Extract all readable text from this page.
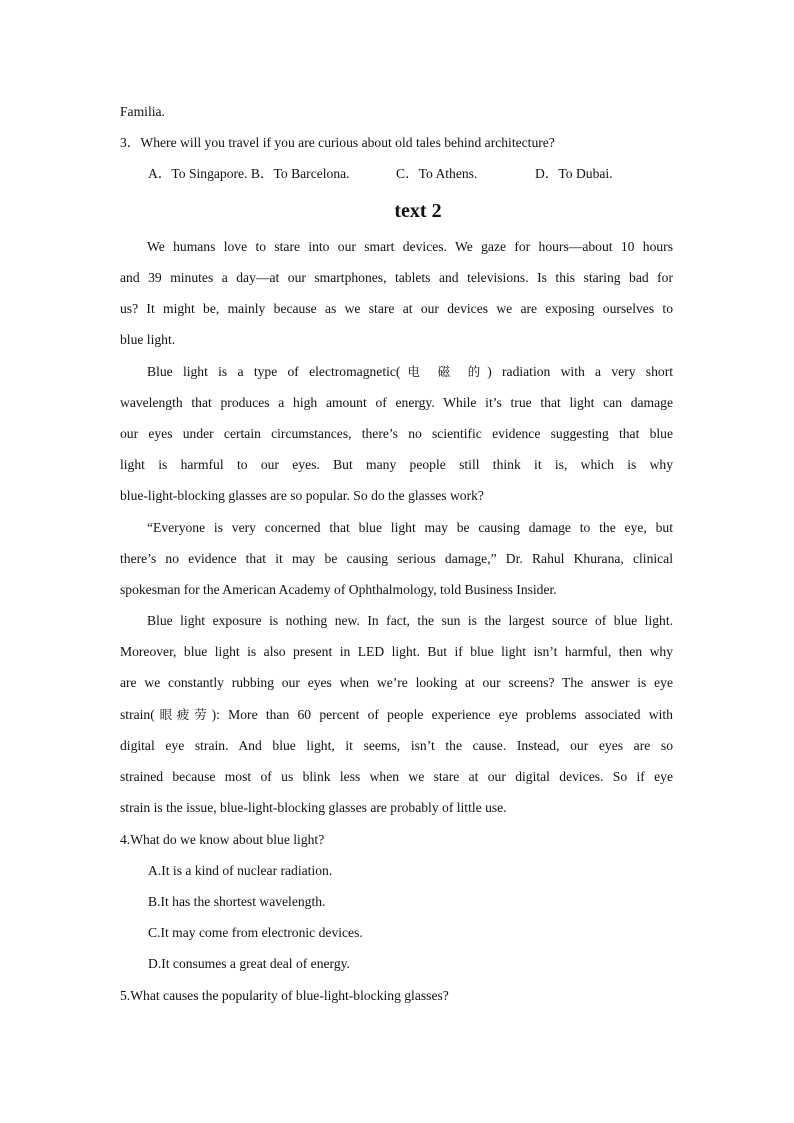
Familia.
3．Where will you travel if you are curious about old tales behind architecture?
A．To Singapore. B．To Barcelona.	C．To Athens.	D．To Dubai.
text 2
We humans love to stare into our smart devices. We gaze for hours—about 10 hours
and 39 minutes a day—at our smartphones, tablets and televisions. Is this staring bad for
us? It might be, mainly because as we stare at our devices we are exposing ourselves to
blue light.
Blue light is a type of electromagnetic(电 磁 的) radiation with a very short
wavelength that produces a high amount of energy. While it’s true that light can damage
our eyes under certain circumstances, there’s no scientific evidence suggesting that blue
light is harmful to our eyes. But many people still think it is, which is why
blue-light-blocking glasses are so popular. So do the glasses work?
“Everyone is very concerned that blue light may be causing damage to the eye, but
there’s no evidence that it may be causing serious damage,” Dr. Rahul Khurana, clinical
spokesman for the American Academy of Ophthalmology, told Business Insider.
Blue light exposure is nothing new. In fact, the sun is the largest source of blue light.
Moreover, blue light is also present in LED light. But if blue light isn’t harmful, then why
are we constantly rubbing our eyes when we’re looking at our screens? The answer is eye
strain(眼疲劳): More than 60 percent of people experience eye problems associated with
digital eye strain. And blue light, it seems, isn’t the cause. Instead, our eyes are so
strained because most of us blink less when we stare at our digital devices. So if eye
strain is the issue, blue-light-blocking glasses are probably of little use.
4.What do we know about blue light?
A.It is a kind of nuclear radiation.
B.It has the shortest wavelength.
C.It may come from electronic devices.
D.It consumes a great deal of energy.
5.What causes the popularity of blue-light-blocking glasses?
